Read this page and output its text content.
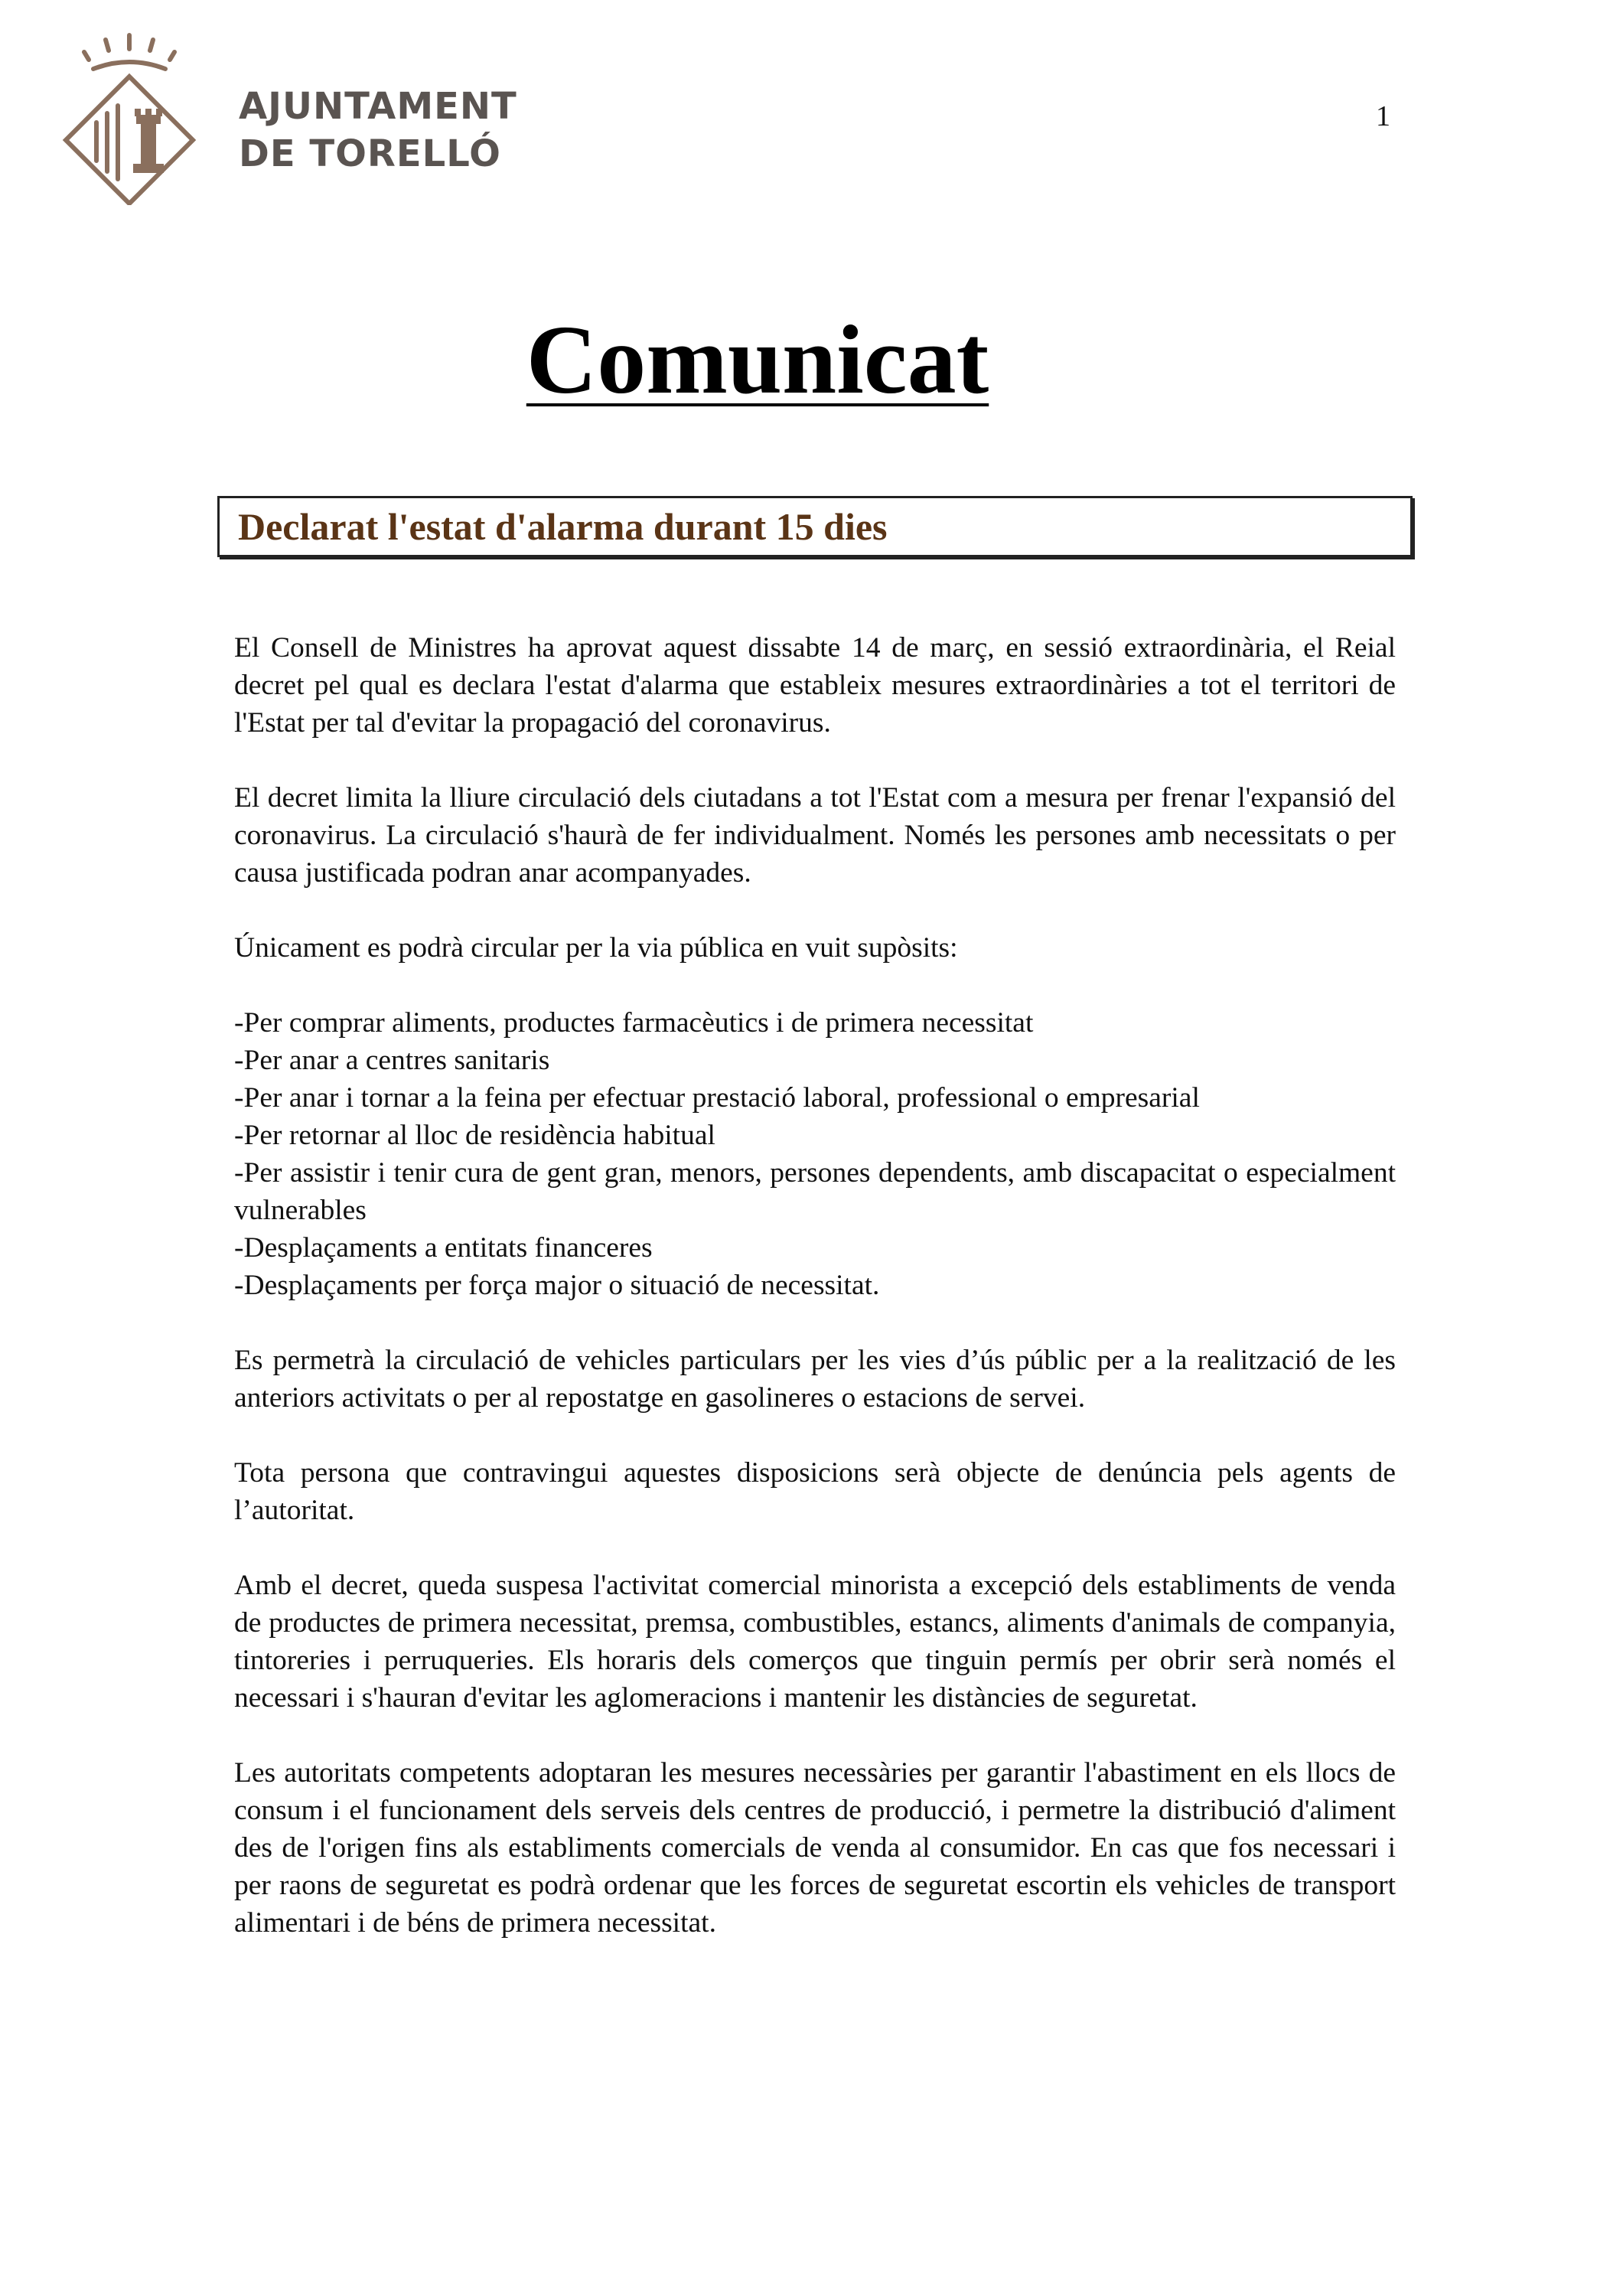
AJUNTAMENT
DE TORELLÓ
1
Comunicat
Declarat l'estat d'alarma durant 15 dies

El Consell de Ministres ha aprovat aquest dissabte 14 de març, en sessió extraordinària, el Reial decret pel qual es declara l'estat d'alarma que estableix mesures extraordinàries a tot el territori de l'Estat per tal d'evitar la propagació del coronavirus.

El decret limita la lliure circulació dels ciutadans a tot l'Estat com a mesura per frenar l'expansió del coronavirus. La circulació s'haurà de fer individualment. Només les persones amb necessitats o per causa justificada podran anar acompanyades.

Únicament es podrà circular per la via pública en vuit supòsits:

-Per comprar aliments, productes farmacèutics i de primera necessitat
-Per anar a centres sanitaris
-Per anar i tornar a la feina per efectuar prestació laboral, professional o empresarial
-Per retornar al lloc de residència habitual
-Per assistir i tenir cura de gent gran, menors, persones dependents, amb discapacitat o especialment vulnerables
-Desplaçaments a entitats financeres
-Desplaçaments per força major o situació de necessitat.

Es permetrà la circulació de vehicles particulars per les vies d’ús públic per a la realització de les anteriors activitats o per al repostatge en gasolineres o estacions de servei.

Tota persona que contravingui aquestes disposicions serà objecte de denúncia pels agents de l’autoritat.

Amb el decret, queda suspesa l'activitat comercial minorista a excepció dels establiments de venda de productes de primera necessitat, premsa, combustibles, estancs, aliments d'animals de companyia, tintoreries i perruqueries. Els horaris dels comerços que tinguin permís per obrir serà només el necessari i s'hauran d'evitar les aglomeracions i mantenir les distàncies de seguretat.

Les autoritats competents adoptaran les mesures necessàries per garantir l'abastiment en els llocs de consum i el funcionament dels serveis dels centres de producció, i permetre la distribució d'aliment des de l'origen fins als establiments comercials de venda al consumidor. En cas que fos necessari i per raons de seguretat es podrà ordenar que les forces de seguretat escortin els vehicles de transport alimentari i de béns de primera necessitat.
